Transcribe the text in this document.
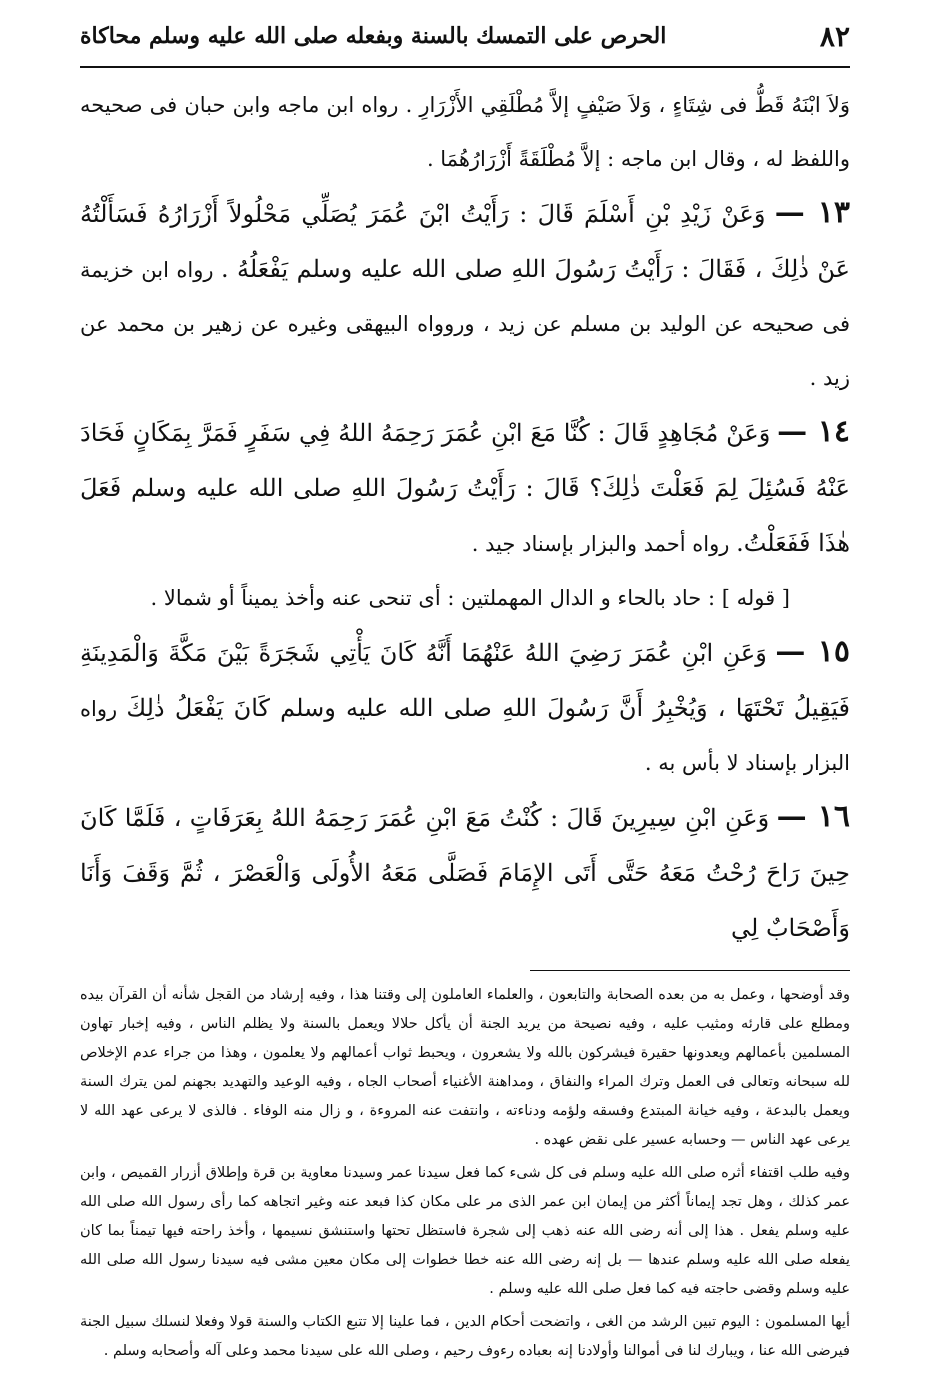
٨٢
الحرص على التمسك بالسنة وبفعله صلى الله عليه وسلم محاكاة

وَلاَ ابْنَهُ قَطُّ فى شِتَاءٍ ، وَلاَ صَيْفٍ إلاَّ مُطْلَقِي الأَزْرَارِ . رواه ابن ماجه وابن حبان فى صحيحه واللفظ له ، وقال ابن ماجه : إلاَّ مُطْلَقَةً أَزْرَارُهُمَا .

١٣ — وَعَنْ زَيْدِ بْنِ أَسْلَمَ قَالَ : رَأَيْتُ ابْنَ عُمَرَ يُصَلِّي مَحْلُولاً أَزْرَارُهُ فَسَأَلْتُهُ عَنْ ذٰلِكَ ، فَقَالَ : رَأَيْتُ رَسُولَ اللهِ صلى الله عليه وسلم يَفْعَلُهُ . رواه ابن خزيمة فى صحيحه عن الوليد بن مسلم عن زيد ، وروواه البيهقى وغيره عن زهير بن محمد عن زيد .

١٤ — وَعَنْ مُجَاهِدٍ قَالَ : كُنَّا مَعَ ابْنِ عُمَرَ رَحِمَهُ اللهُ فِي سَفَرٍ فَمَرَّ بِمَكَانٍ فَحَادَ عَنْهُ فَسُئِلَ لِمَ فَعَلْتَ ذٰلِكَ؟ قَالَ : رَأَيْتُ رَسُولَ اللهِ صلى الله عليه وسلم فَعَلَ هٰذَا فَفَعَلْتُ. رواه أحمد والبزار بإسناد جيد .

[ قوله ] : حاد بالحاء و الدال المهملتين : أى تنحى عنه وأخذ يميناً أو شمالا .

١٥ — وَعَنِ ابْنِ عُمَرَ رَضِيَ اللهُ عَنْهُمَا أَنَّهُ كَانَ يَأْتِي شَجَرَةً بَيْنَ مَكَّةَ وَالْمَدِينَةِ فَيَقِيلُ تَحْتَهَا ، وَيُخْبِرُ أَنَّ رَسُولَ اللهِ صلى الله عليه وسلم كَانَ يَفْعَلُ ذٰلِكَ رواه البزار بإسناد لا بأس به .

١٦ — وَعَنِ ابْنِ سِيرِينَ قَالَ : كُنْتُ مَعَ ابْنِ عُمَرَ رَحِمَهُ اللهُ بِعَرَفَاتٍ ، فَلَمَّا كَانَ حِينَ رَاحَ رُحْتُ مَعَهُ حَتَّى أَتَى الإِمَامَ فَصَلَّى مَعَهُ الأُولَى وَالْعَصْرَ ، ثُمَّ وَقَفَ وَأَنَا وَأَصْحَابٌ لِي

وقد أوضحها ، وعمل به من بعده الصحابة والتابعون ، والعلماء العاملون إلى وقتنا هذا ، وفيه إرشاد من القجل شأنه أن القرآن بيده ومطلع على قارئه ومثيب عليه ، وفيه نصيحة من يريد الجنة أن يأكل حلالا ويعمل بالسنة ولا يظلم الناس ، وفيه إخبار تهاون المسلمين بأعمالهم ويعدونها حقيرة فيشركون بالله ولا يشعرون ، ويحبط ثواب أعمالهم ولا يعلمون ، وهذا من جراء عدم الإخلاص لله سبحانه وتعالى فى العمل وترك المراء والنفاق ، ومداهنة الأغنياء أصحاب الجاه ، وفيه الوعيد والتهديد بجهنم لمن يترك السنة ويعمل بالبدعة ، وفيه خيانة المبتدع وفسقه ولؤمه ودناءته ، وانتفت عنه المروءة ، و زال منه الوفاء . فالذى لا يرعى عهد الله لا يرعى عهد الناس — وحسابه عسير على نقض عهده .

وفيه طلب اقتفاء أثره صلى الله عليه وسلم فى كل شىء كما فعل سيدنا عمر وسيدنا معاوية بن قرة وإطلاق أزرار القميص ، وابن عمر كذلك ، وهل تجد إيماناً أكثر من إيمان ابن عمر الذى مر على مكان كذا فبعد عنه وغير اتجاهه كما رأى رسول الله صلى الله عليه وسلم يفعل . هذا إلى أنه رضى الله عنه ذهب إلى شجرة فاستظل تحتها واستنشق نسيمها ، وأخذ راحته فيها تيمناً بما كان يفعله صلى الله عليه وسلم عندها — بل إنه رضى الله عنه خطا خطوات إلى مكان معين مشى فيه سيدنا رسول الله صلى الله عليه وسلم وقضى حاجته فيه كما فعل صلى الله عليه وسلم .

أيها المسلمون : اليوم تبين الرشد من الغى ، واتضحت أحكام الدين ، فما علينا إلا تتبع الكتاب والسنة قولا وفعلا لنسلك سبيل الجنة فيرضى الله عنا ، ويبارك لنا فى أموالنا وأولادنا إنه بعباده رءوف رحيم ، وصلى الله على سيدنا محمد وعلى آله وأصحابه وسلم .
